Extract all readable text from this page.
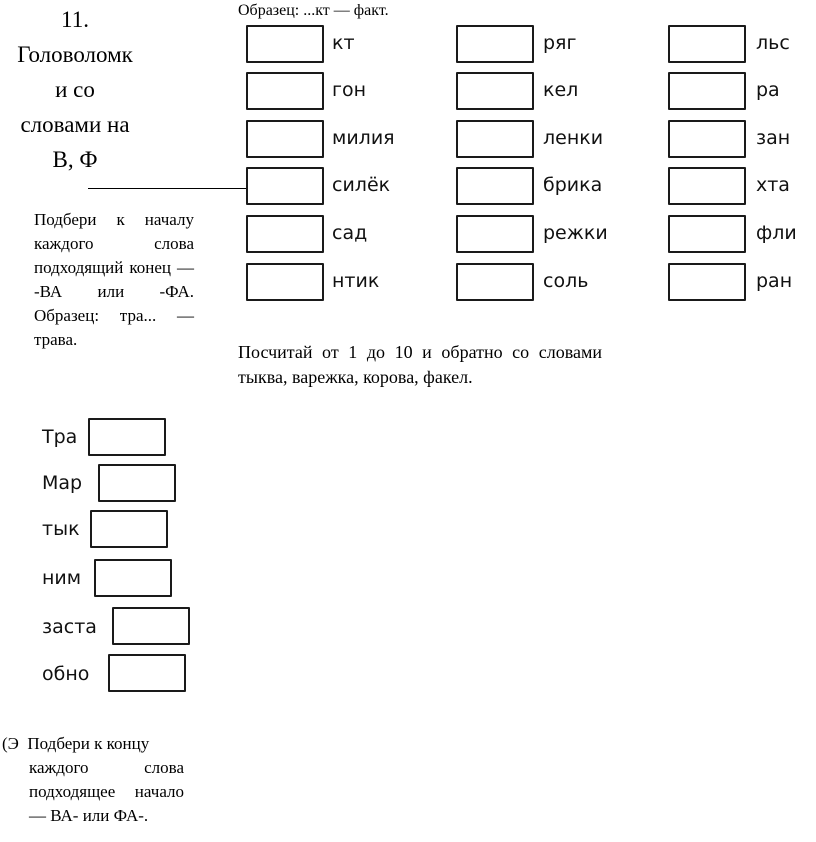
11.
Головоломк
и со
словами на
В, Ф
Подбери к началу каждого слова подходящий конец — -ВА или -ФА. Образец: тра... — трава.
Тра
Мар
тык
ним
заста
обно
(Э Подбери к концу
каждого слова подходящее начало — ВА- или ФА-.
Образец: ...кт — факт.
кт
гон
милия
силёк
сад
нтик
ряг
кел
ленки
брика
режки
соль
льс
ра
зан
хта
фли
ран
Посчитай от 1 до 10 и обратно со словами тыква, варежка, корова, факел.
